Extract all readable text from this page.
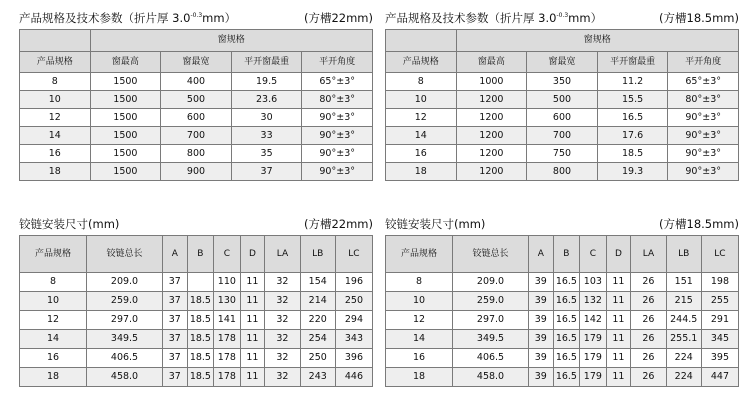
产品规格及技术参数（折片厚 $3.0^{-0.3}mm$）	(方槽22mm)
	窗规格			
产品规格	窗最高	窗最宽	平开窗最重	平开角度
8	1500	400	19.5	65°±3°
10	1500	500	23.6	80°±3°
12	1500	600	30	90°±3°
14	1500	700	33	90°±3°
16	1500	800	35	90°±3°
18	1500	900	37	90°±3°
产品规格及技术参数（折片厚 $3.0^{-0.3}mm$）	(方槽18.5mm)
	窗规格			
产品规格	窗最高	窗最宽	平开窗最重	平开角度
8	1000	350	11.2	65°±3°
10	1200	500	15.5	80°±3°
12	1200	600	16.5	90°±3°
14	1200	700	17.6	90°±3°
16	1200	750	18.5	90°±3°
18	1200	800	19.3	90°±3°
铰链安装尺寸(mm)	(方槽22mm)
产品规格	铰链总长	A	B	C	D	LA	LB	LC
8	209.0	37		110	11	32	154	196
10	259.0	37	18.5	130	11	32	214	250
12	297.0	37	18.5	141	11	32	220	294
14	349.5	37	18.5	178	11	32	254	343
16	406.5	37	18.5	178	11	32	250	396
18	458.0	37	18.5	178	11	32	243	446
铰链安装尺寸(mm)	(方槽18.5mm)
产品规格	铰链总长	A	B	C	D	LA	LB	LC
8	209.0	39	16.5	103	11	26	151	198
10	259.0	39	16.5	132	11	26	215	255
12	297.0	39	16.5	142	11	26	244.5	291
14	349.5	39	16.5	179	11	26	255.1	345
16	406.5	39	16.5	179	11	26	224	395
18	458.0	39	16.5	179	11	26	224	447
